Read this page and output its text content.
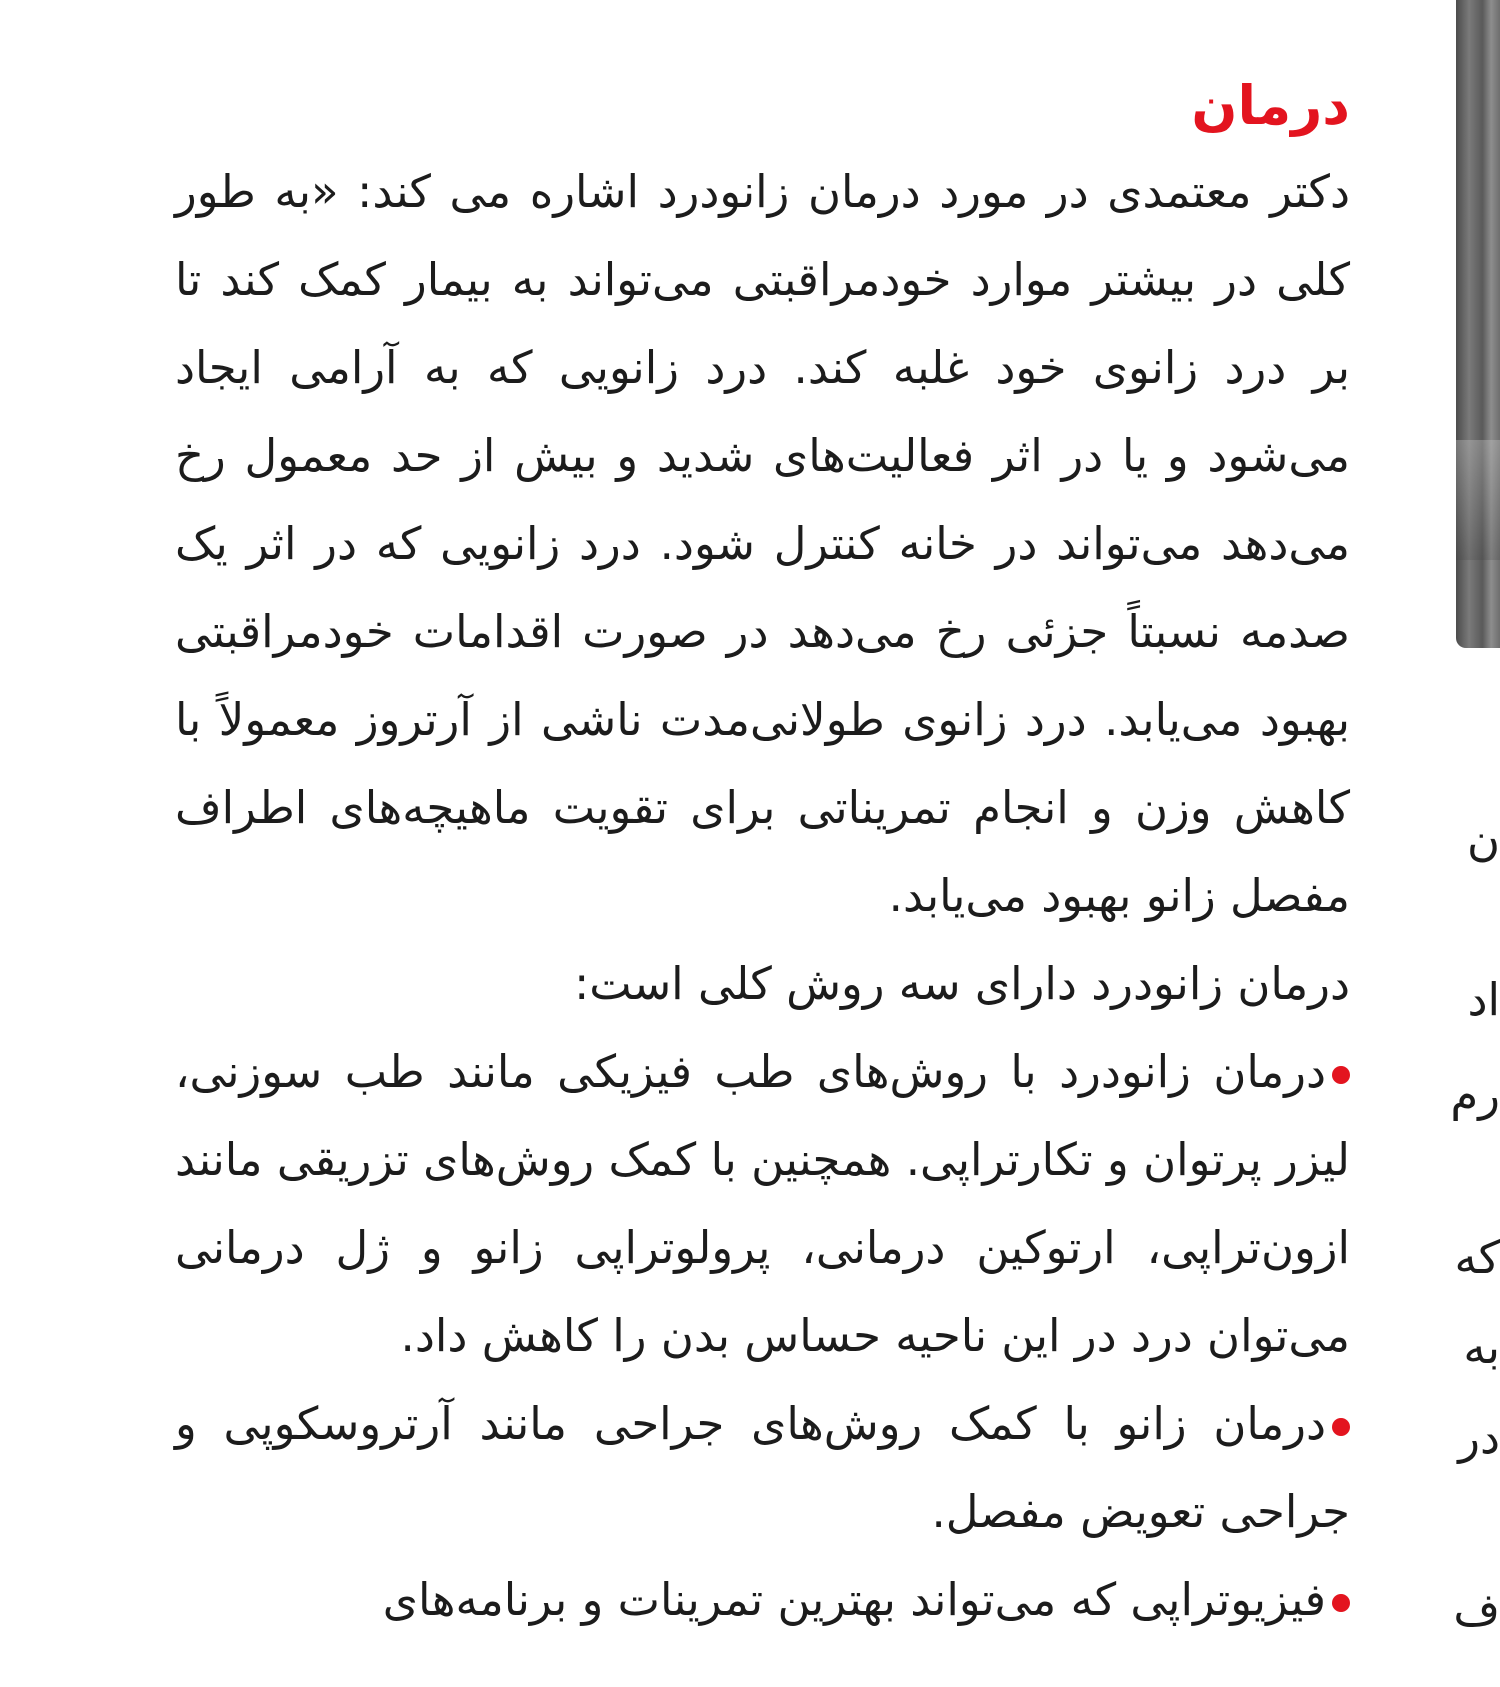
ن
اد
رم
که
به
در
ف
درمان

دکتر معتمدی در مورد درمان زانودرد اشاره می کند: «به طور کلی در بیشتر موارد خودمراقبتی می‌تواند به بیمار کمک کند تا بر درد زانوی خود غلبه کند. درد زانویی که به آرامی ایجاد می‌شود و یا در اثر فعالیت‌های شدید و بیش از حد معمول رخ می‌دهد می‌تواند در خانه کنترل شود. درد زانویی که در اثر یک صدمه نسبتاً جزئی رخ می‌دهد در صورت اقدامات خودمراقبتی بهبود می‌یابد. درد زانوی طولانی‌مدت ناشی از آرتروز معمولاً با کاهش وزن و انجام تمریناتی برای تقویت ماهیچه‌های اطراف مفصل زانو بهبود می‌یابد.

درمان زانودرد دارای سه روش کلی است:

درمان زانودرد با روش‌های طب فیزیکی مانند طب سوزنی، لیزر پرتوان و تکارتراپی. همچنین با کمک روش‌های تزریقی مانند ازون‌تراپی، ارتوکین درمانی، پرولوتراپی زانو و ژل درمانی می‌توان درد در این ناحیه حساس بدن را کاهش داد.
درمان زانو با کمک روش‌های جراحی مانند آرتروسکوپی و جراحی تعویض مفصل.
فیزیوتراپی که می‌تواند بهترین تمرینات و برنامه‌های
